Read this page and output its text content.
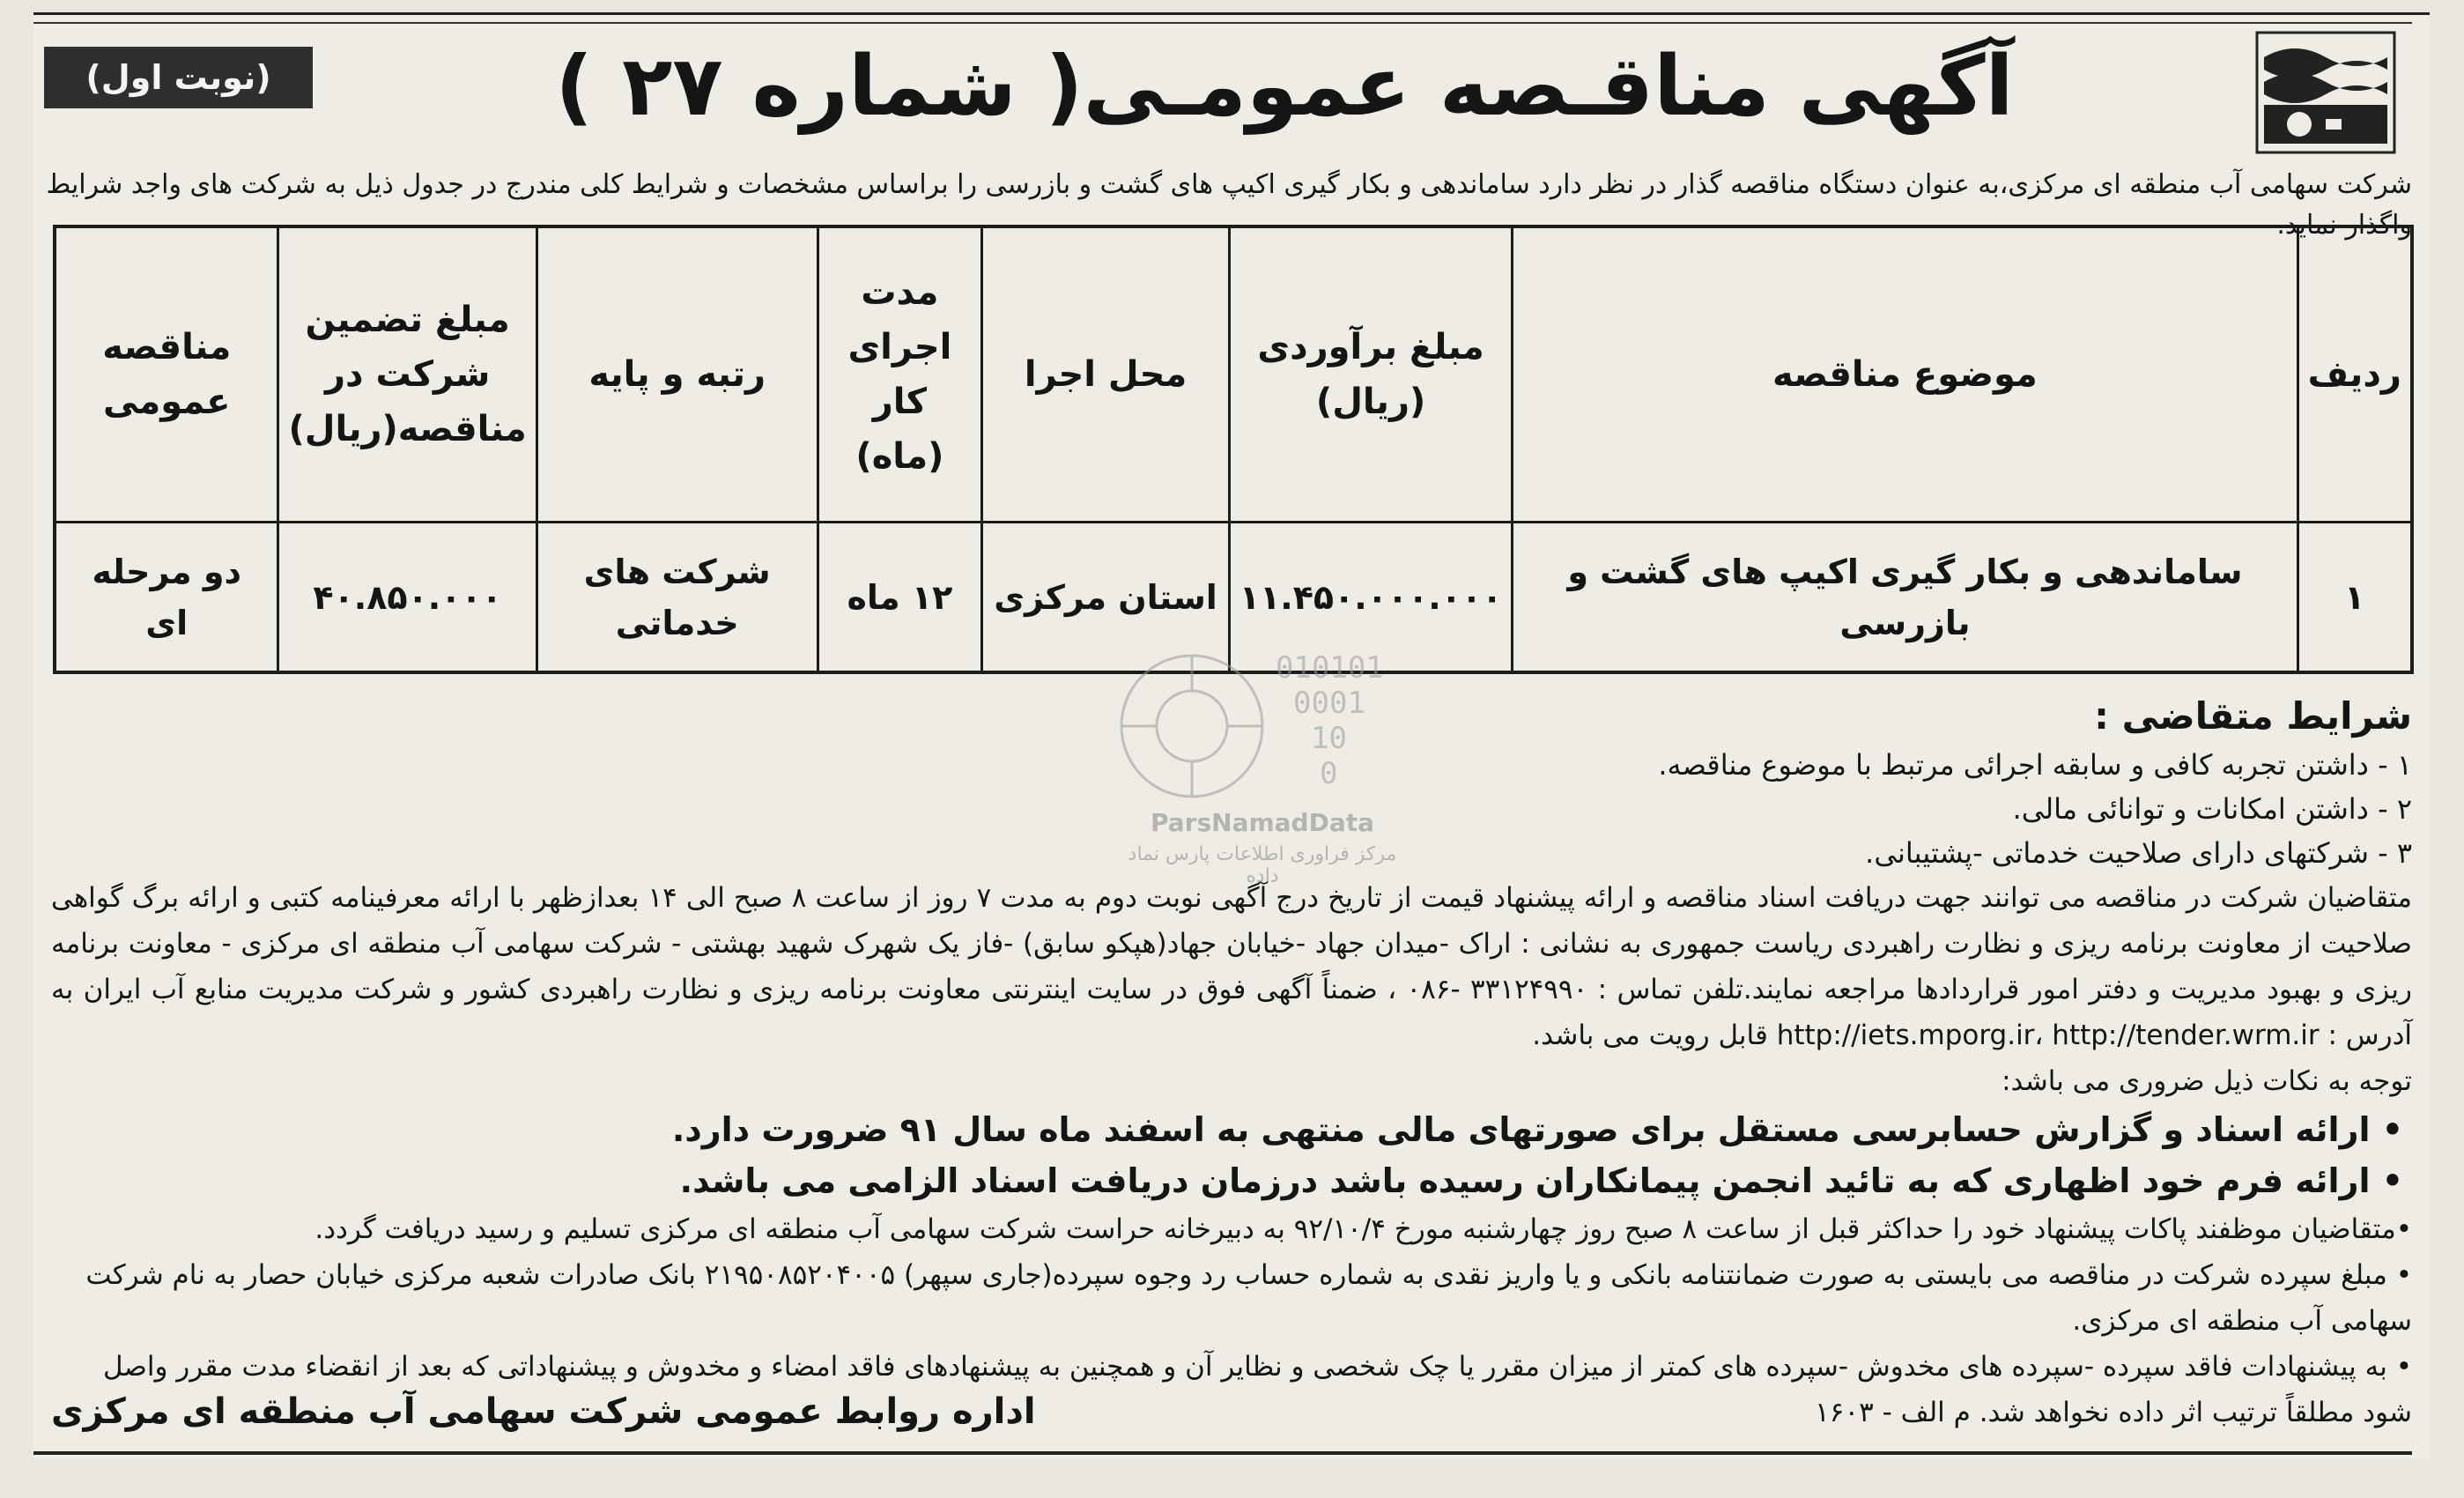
(نوبت اول)	آگهی مناقـصه عمومـی( شماره ۲۷ )
شرکت سهامی آب منطقه ای مرکزی،به عنوان دستگاه مناقصه گذار در نظر دارد ساماندهی و بکار گیری اکیپ های گشت و بازرسی را براساس مشخصات و شرایط کلی مندرج در جدول ذیل به شرکت های واجد شرایط واگذار نماید.
ردیف	موضوع مناقصه	مبلغ برآوردی (ریال)	محل اجرا	مدت اجرای کار (ماه)	رتبه و پایه	مبلغ تضمین شرکت در مناقصه(ریال)	مناقصه عمومی
۱	ساماندهی و بکار گیری اکیپ های گشت و بازرسی	۱۱.۴۵۰.۰۰۰.۰۰۰	استان مرکزی	۱۲ ماه	شرکت های خدماتی	۴۰.۸۵۰.۰۰۰	دو مرحله ای
010101
0001
10
0
ParsNamadData
مرکز فراوری اطلاعات پارس نماد داده
شرایط متقاضی :
۱ - داشتن تجربه کافی و سابقه اجرائی مرتبط با موضوع مناقصه.
۲ - داشتن امکانات و توانائی مالی.
۳ - شرکتهای دارای صلاحیت خدماتی -پشتیبانی.
متقاضیان شرکت در مناقصه می توانند جهت دریافت اسناد مناقصه و ارائه پیشنهاد قیمت از تاریخ درج آگهی نوبت دوم به مدت ۷ روز از ساعت ۸ صبح الی ۱۴ بعدازظهر با ارائه معرفینامه کتبی و ارائه برگ گواهی صلاحیت از معاونت برنامه ریزی و نظارت راهبردی ریاست جمهوری به نشانی : اراک -میدان جهاد -خیابان جهاد(هپکو سابق) -فاز یک شهرک شهید بهشتی - شرکت سهامی آب منطقه ای مرکزی - معاونت برنامه ریزی و بهبود مدیریت و دفتر امور قراردادها مراجعه نمایند.تلفن تماس : ۳۳۱۲۴۹۹۰ -۰۸۶ ، ضمناً آگهی فوق در سایت اینترنتی معاونت برنامه ریزی و نظارت راهبردی کشور و شرکت مدیریت منابع آب ایران به آدرس : http://iets.mporg.ir، http://tender.wrm.ir قابل رویت می باشد.
توجه به نکات ذیل ضروری می باشد:
• ارائه اسناد و گزارش حسابرسی مستقل برای صورتهای مالی منتهی به اسفند ماه سال ۹۱ ضرورت دارد.
• ارائه فرم خود اظهاری که به تائید انجمن پیمانکاران رسیده باشد درزمان دریافت اسناد الزامی می باشد.
•متقاضیان موظفند پاکات پیشنهاد خود را حداکثر قبل از ساعت ۸ صبح روز چهارشنبه مورخ ۹۲/۱۰/۴ به دبیرخانه حراست شرکت سهامی آب منطقه ای مرکزی تسلیم و رسید دریافت گردد.
• مبلغ سپرده شرکت در مناقصه می بایستی به صورت ضمانتنامه بانکی و یا واریز نقدی به شماره حساب رد وجوه سپرده(جاری سپهر) ۲۱۹۵۰۸۵۲۰۴۰۰۵ بانک صادرات شعبه مرکزی خیابان حصار به نام شرکت سهامی آب منطقه ای مرکزی.
• به پیشنهادات فاقد سپرده -سپرده های مخدوش -سپرده های کمتر از میزان مقرر یا چک شخصی و نظایر آن و همچنین به پیشنهادهای فاقد امضاء و مخدوش و پیشنهاداتی که بعد از انقضاء مدت مقرر واصل شود مطلقاً ترتیب اثر داده نخواهد شد. م الف - ۱۶۰۳
اداره روابط عمومی شرکت سهامی آب منطقه ای مرکزی
